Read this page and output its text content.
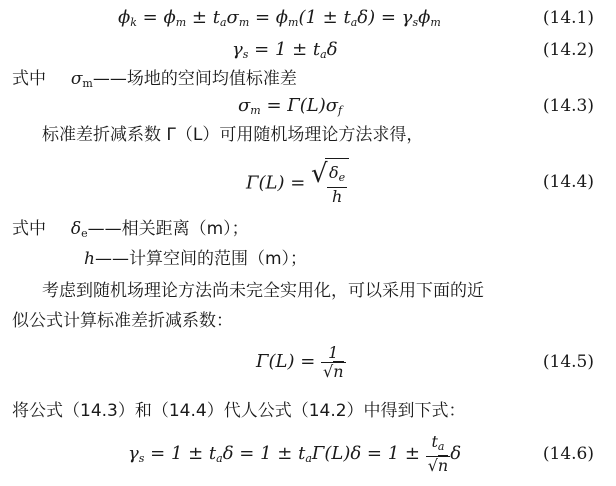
$\phi_k = \phi_m \pm t_a\sigma_m = \phi_m(1 \pm t_a\delta) = \gamma_s\phi_m$	(14.1)
$\gamma_s = 1 \pm t_a\delta$	(14.2)
式中 $\sigma_m——$场地的空间均值标准差
$\sigma_m = \Gamma(L)\sigma_f$	(14.3)
标准差折减系数 Γ（L）可用随机场理论方法求得，
Γ(L) = √ $\frac{\delta_e}{h}$	(14.4)
式中 $\delta_e——$相关距离（m）；
h——计算空间的范围（m）；
考虑到随机场理论方法尚未完全实用化，可以采用下面的近
似公式计算标准差折减系数：
$\Gamma(L) = \frac{1}{√n}$	(14.5)
将公式（14.3）和（14.4）代人公式（14.2）中得到下式：
$\gamma_s = 1 \pm t_a\delta = 1 \pm t_a\Gamma(L)\delta = 1 \pm \frac{t_a}{√n}$ δ	(14.6)
